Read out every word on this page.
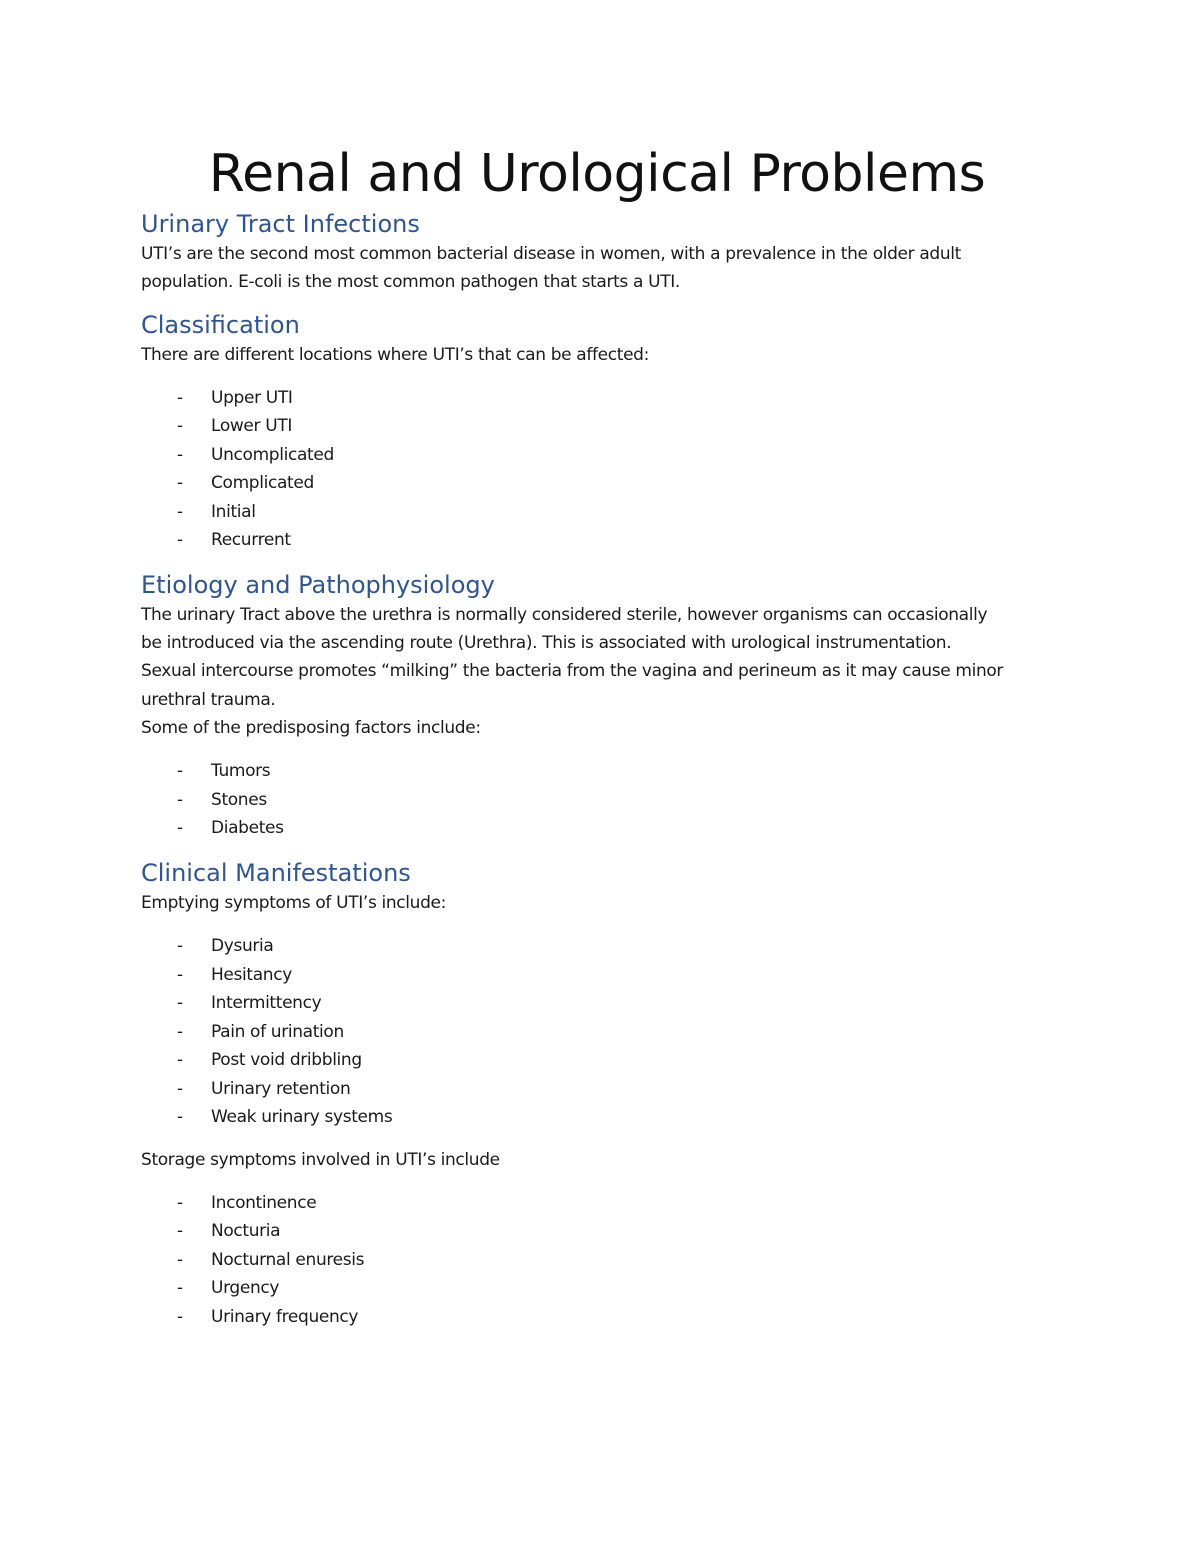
Renal and Urological Problems
Urinary Tract Infections

UTI’s are the second most common bacterial disease in women, with a prevalence in the older adult
population. E-coli is the most common pathogen that starts a UTI.

Classification

There are different locations where UTI’s that can be affected:

- Upper UTI
- Lower UTI
- Uncomplicated
- Complicated
- Initial
- Recurrent
Etiology and Pathophysiology

The urinary Tract above the urethra is normally considered sterile, however organisms can occasionally
be introduced via the ascending route (Urethra). This is associated with urological instrumentation.
Sexual intercourse promotes “milking” the bacteria from the vagina and perineum as it may cause minor
urethral trauma.
Some of the predisposing factors include:

- Tumors
- Stones
- Diabetes
Clinical Manifestations

Emptying symptoms of UTI’s include:

- Dysuria
- Hesitancy
- Intermittency
- Pain of urination
- Post void dribbling
- Urinary retention
- Weak urinary systems

Storage symptoms involved in UTI’s include

- Incontinence
- Nocturia
- Nocturnal enuresis
- Urgency
- Urinary frequency
